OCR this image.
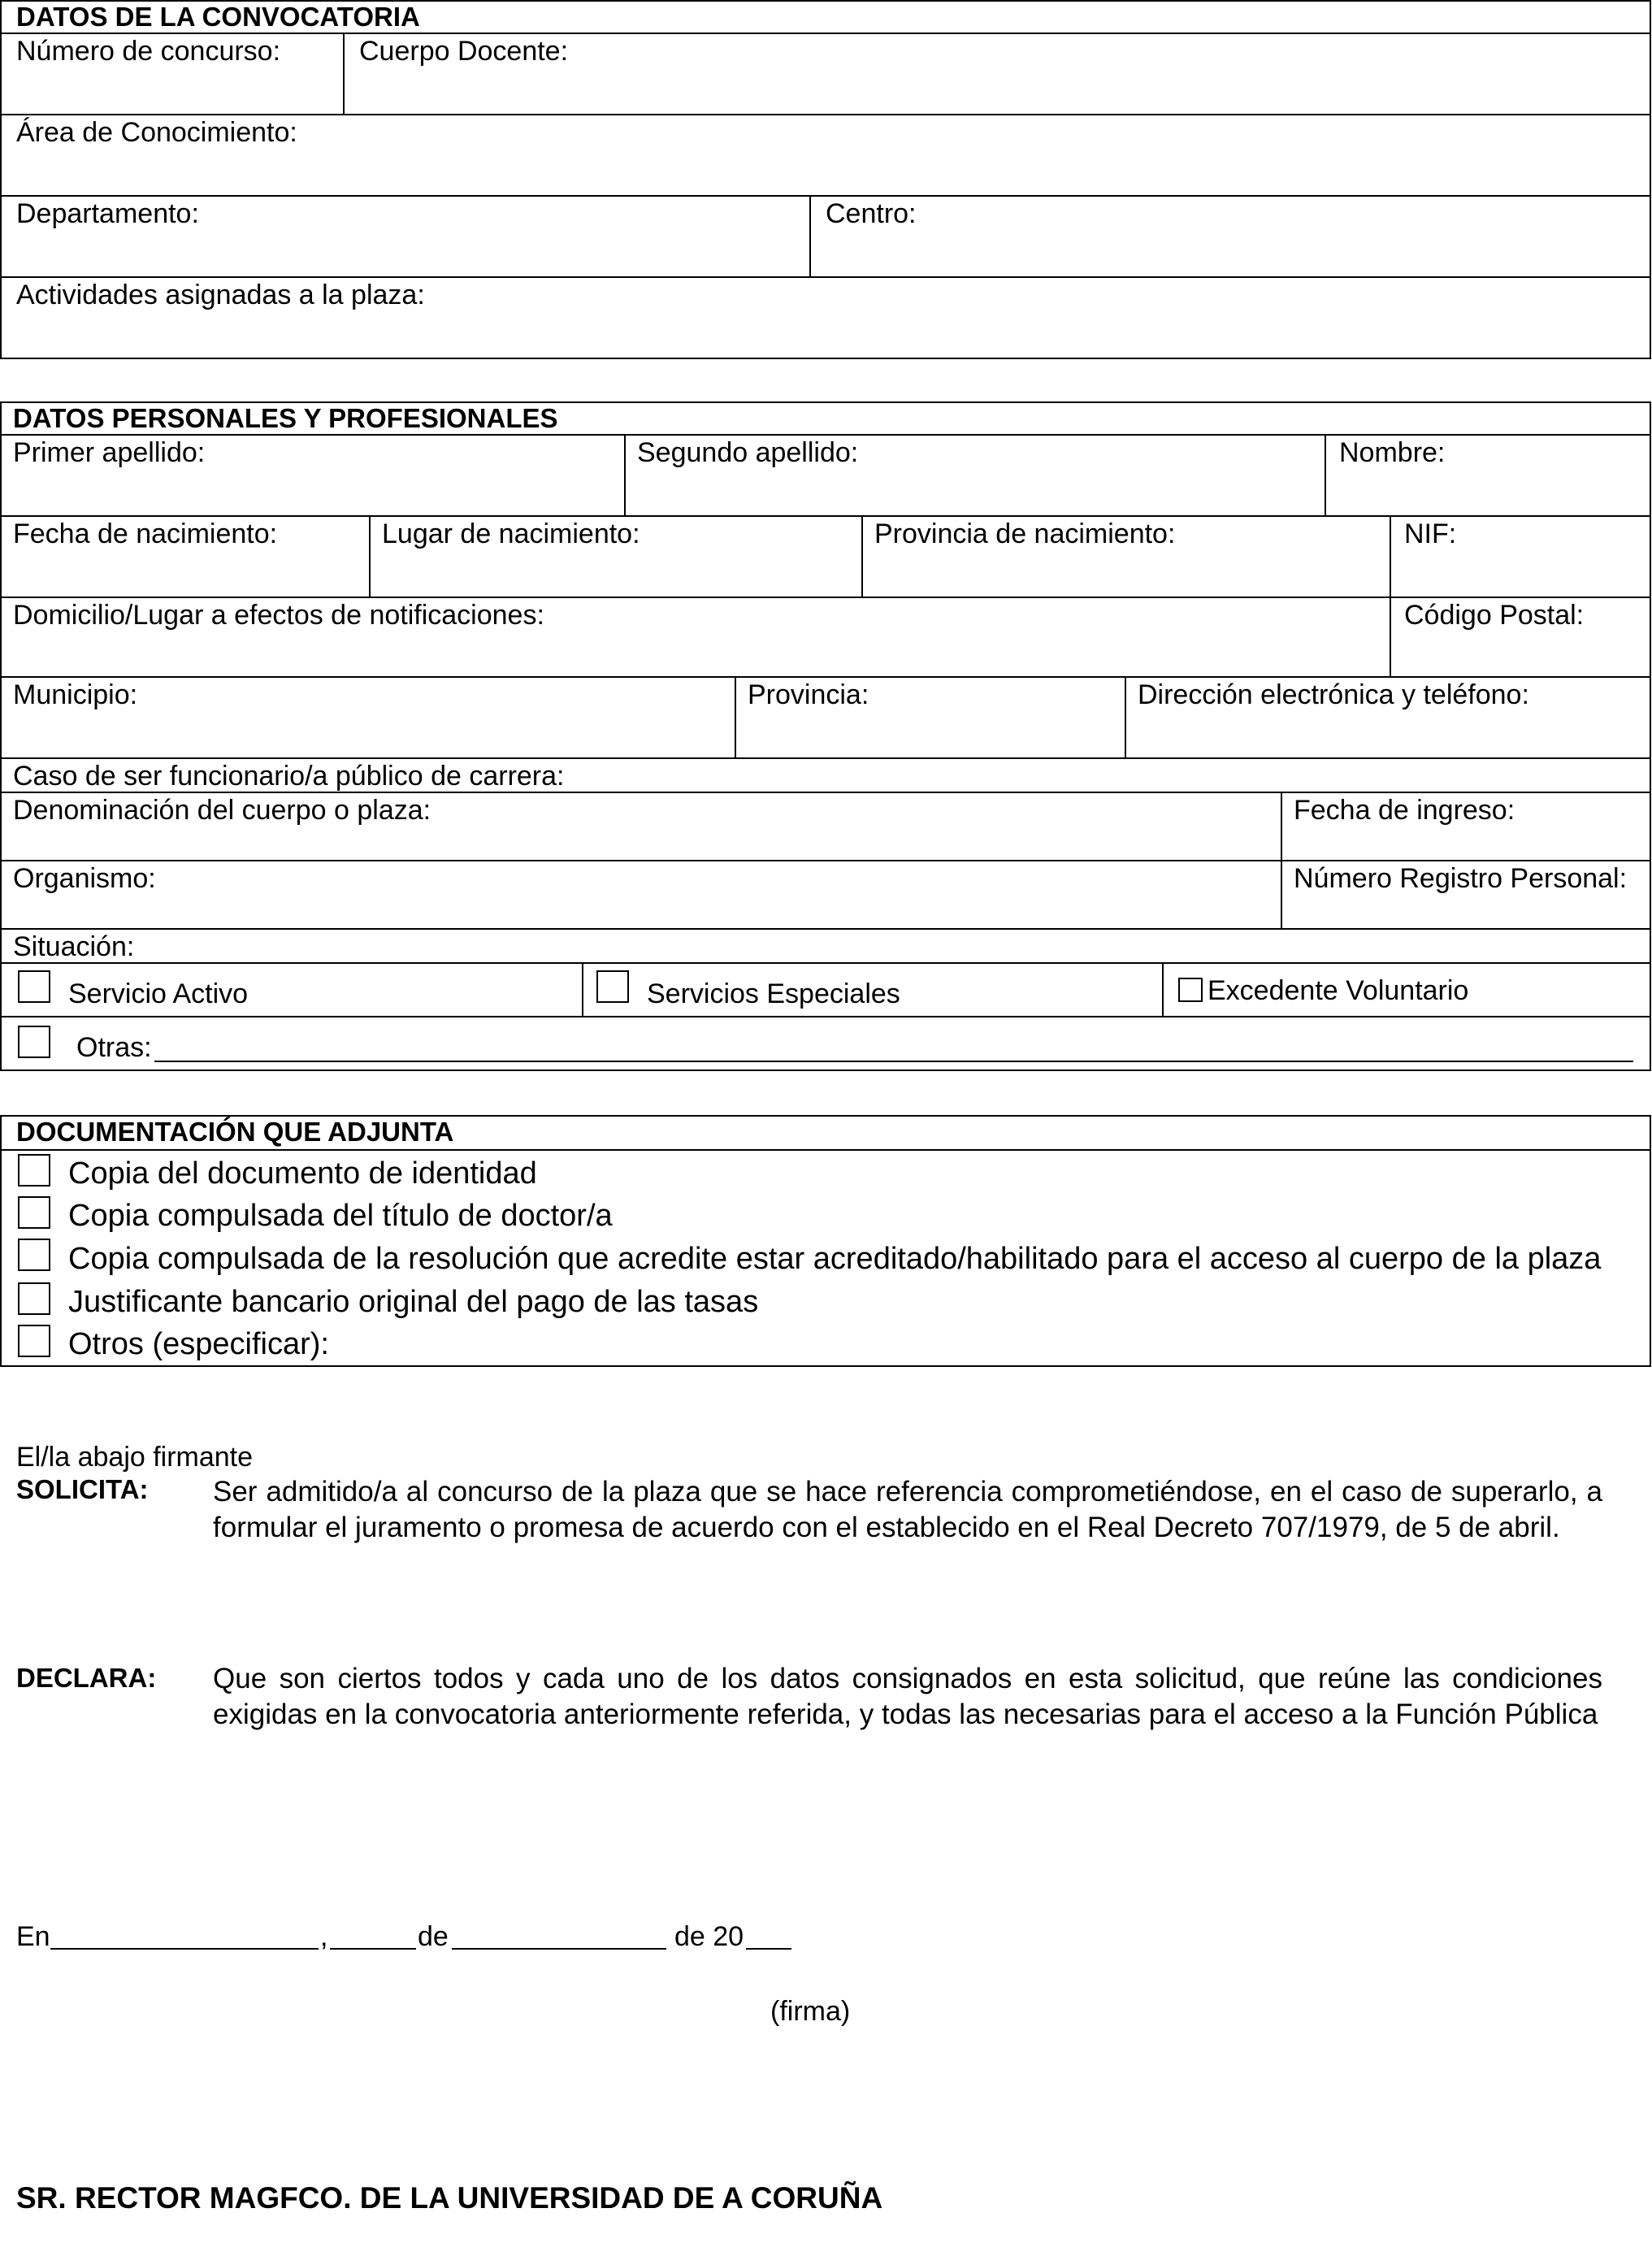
DATOS DE LA CONVOCATORIA
Número de concurso:	Cuerpo Docente:
Área de Conocimiento:
Departamento:	Centro:
Actividades asignadas a la plaza:
DATOS PERSONALES Y PROFESIONALES
Primer apellido:	Segundo apellido:	Nombre:
Fecha de nacimiento:	Lugar de nacimiento:	Provincia de nacimiento:	NIF:
Domicilio/Lugar a efectos de notificaciones:	Código Postal:
Municipio:	Provincia:	Dirección electrónica y teléfono:
Caso de ser funcionario/a público de carrera:
Denominación del cuerpo o plaza:	Fecha de ingreso:
Organismo:	Número Registro Personal:
Situación:
Servicio Activo	Servicios Especiales	Excedente Voluntario
Otras:
DOCUMENTACIÓN QUE ADJUNTA
Copia del documento de identidad
Copia compulsada del título de doctor/a
Copia compulsada de la resolución que acredite estar acreditado/habilitado para el acceso al cuerpo de la plaza
Justificante bancario original del pago de las tasas
Otros (especificar):
El/la abajo firmante
SOLICITA: Ser admitido/a al concurso de la plaza que se hace referencia comprometiéndose, en el caso de superarlo, a formular el juramento o promesa de acuerdo con el establecido en el Real Decreto 707/1979, de 5 de abril.
DECLARA: Que son ciertos todos y cada uno de los datos consignados en esta solicitud, que reúne las condiciones exigidas en la convocatoria anteriormente referida, y todas las necesarias para el acceso a la Función Pública
En	,	de	de 20
(firma)
SR. RECTOR MAGFCO. DE LA UNIVERSIDAD DE A CORUÑA
